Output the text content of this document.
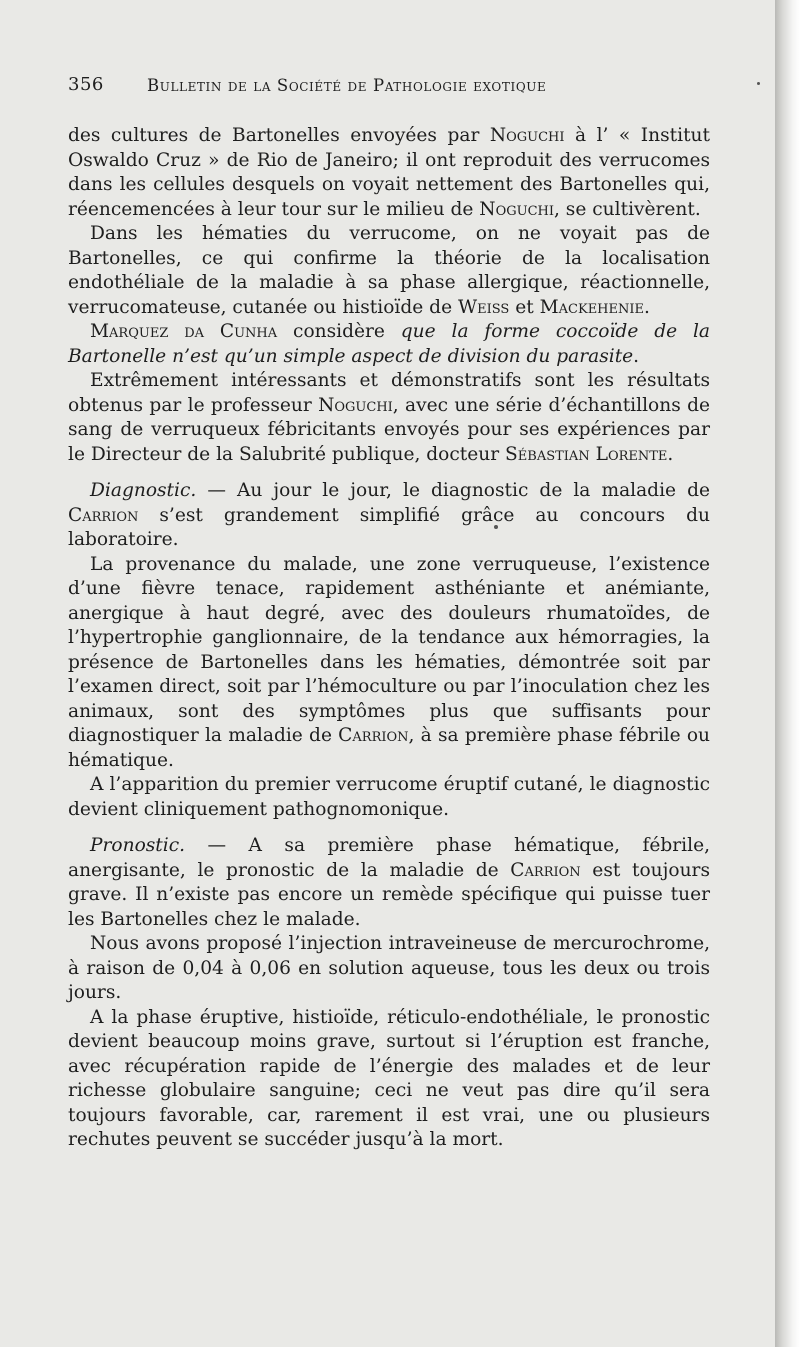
356	Bulletin de la Société de Pathologie exotique

des cultures de Bartonelles envoyées par Noguchi à l’ « Institut Oswaldo Cruz » de Rio de Janeiro; il ont reproduit des verrucomes dans les cellules desquels on voyait nettement des Bartonelles qui, réencemencées à leur tour sur le milieu de Noguchi, se cultivèrent.

Dans les hématies du verrucome, on ne voyait pas de Bartonelles, ce qui confirme la théorie de la localisation endothéliale de la maladie à sa phase allergique, réactionnelle, verrucomateuse, cutanée ou histioïde de Weiss et Mackehenie.

Marquez da Cunha considère que la forme coccoïde de la Bartonelle n’est qu’un simple aspect de division du parasite.

Extrêmement intéressants et démonstratifs sont les résultats obtenus par le professeur Noguchi, avec une série d’échantillons de sang de verruqueux fébricitants envoyés pour ses expériences par le Directeur de la Salubrité publique, docteur Sébastian Lorente.

Diagnostic. — Au jour le jour, le diagnostic de la maladie de Carrion s’est grandement simplifié grâce au concours du laboratoire.

La provenance du malade, une zone verruqueuse, l’existence d’une fièvre tenace, rapidement asthéniante et anémiante, anergique à haut degré, avec des douleurs rhumatoïdes, de l’hypertrophie ganglionnaire, de la tendance aux hémorragies, la présence de Bartonelles dans les hématies, démontrée soit par l’examen direct, soit par l’hémoculture ou par l’inoculation chez les animaux, sont des symptômes plus que suffisants pour diagnostiquer la maladie de Carrion, à sa première phase fébrile ou hématique.

A l’apparition du premier verrucome éruptif cutané, le diagnostic devient cliniquement pathognomonique.

Pronostic. — A sa première phase hématique, fébrile, anergisante, le pronostic de la maladie de Carrion est toujours grave. Il n’existe pas encore un remède spécifique qui puisse tuer les Bartonelles chez le malade.

Nous avons proposé l’injection intraveineuse de mercurochrome, à raison de 0,04 à 0,06 en solution aqueuse, tous les deux ou trois jours.

A la phase éruptive, histioïde, réticulo-endothéliale, le pronostic devient beaucoup moins grave, surtout si l’éruption est franche, avec récupération rapide de l’énergie des malades et de leur richesse globulaire sanguine; ceci ne veut pas dire qu’il sera toujours favorable, car, rarement il est vrai, une ou plusieurs rechutes peuvent se succéder jusqu’à la mort.
